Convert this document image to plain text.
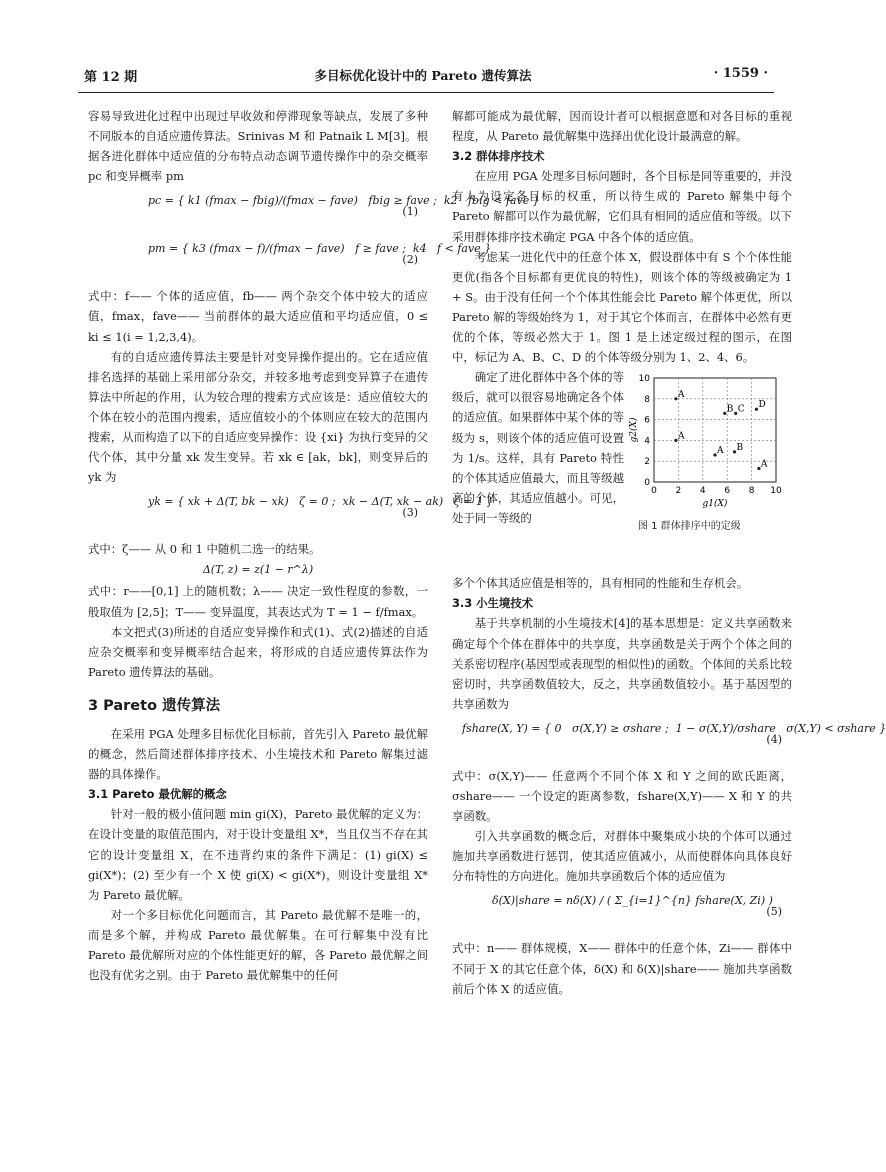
第 12 期	多目标优化设计中的 Pareto 遗传算法	· 1559 ·

容易导致进化过程中出现过早收敛和停滞现象等缺点，发展了多种不同版本的自适应遗传算法。Srinivas M 和 Patnaik L M[3]。根据各进化群体中适应值的分布特点动态调节遗传操作中的杂交概率 pc 和变异概率 pm

pc = { k1 (fmax − fbig)/(fmax − fave)   fbig ≥ fave ;  k2   fbig < fave }
(1)
pm = { k3 (fmax − f)/(fmax − fave)   f ≥ fave ;  k4   f < fave }
(2)

式中：f—— 个体的适应值，fb—— 两个杂交个体中较大的适应值，fmax，fave—— 当前群体的最大适应值和平均适应值，0 ≤ ki ≤ 1(i = 1,2,3,4)。

有的自适应遗传算法主要是针对变异操作提出的。它在适应值排名选择的基础上采用部分杂交，并较多地考虑到变异算子在遗传算法中所起的作用，认为较合理的搜索方式应该是：适应值较大的个体在较小的范围内搜索，适应值较小的个体则应在较大的范围内搜索，从而构造了以下的自适应变异操作：设 {xi} 为执行变异的父代个体，其中分量 xk 发生变异。若 xk ∈ [ak，bk]，则变异后的 yk 为

yk = { xk + Δ(T, bk − xk)   ζ = 0 ;  xk − Δ(T, xk − ak)   ζ = 1 }
(3)

式中：ζ—— 从 0 和 1 中随机二选一的结果。

Δ(T, z) = z(1 − r^λ)

式中：r——[0,1] 上的随机数；λ—— 决定一致性程度的参数，一般取值为 [2,5]；T—— 变异温度，其表达式为 T = 1 − f/fmax。

本文把式(3)所述的自适应变异操作和式(1)、式(2)描述的自适应杂交概率和变异概率结合起来，将形成的自适应遗传算法作为 Pareto 遗传算法的基础。

3 Pareto 遗传算法

在采用 PGA 处理多目标优化目标前，首先引入 Pareto 最优解的概念，然后简述群体排序技术、小生境技术和 Pareto 解集过滤器的具体操作。

3.1 Pareto 最优解的概念

针对一般的极小值问题 min gi(X)，Pareto 最优解的定义为：在设计变量的取值范围内，对于设计变量组 X*，当且仅当不存在其它的设计变量组 X，在不违背约束的条件下满足：(1) gi(X) ≤ gi(X*)；(2) 至少有一个 X 使 gi(X) < gi(X*)，则设计变量组 X* 为 Pareto 最优解。

对一个多目标优化问题而言，其 Pareto 最优解不是唯一的，而是多个解，并构成 Pareto 最优解集。在可行解集中没有比 Pareto 最优解所对应的个体性能更好的解，各 Pareto 最优解之间也没有优劣之别。由于 Pareto 最优解集中的任何

解都可能成为最优解，因而设计者可以根据意愿和对各目标的重视程度，从 Pareto 最优解集中选择出优化设计最满意的解。

3.2 群体排序技术

在应用 PGA 处理多目标问题时，各个目标是同等重要的，并没有人为设定各目标的权重，所以待生成的 Pareto 解集中每个 Pareto 解都可以作为最优解，它们具有相同的适应值和等级。以下采用群体排序技术确定 PGA 中各个体的适应值。

考虑某一进化代中的任意个体 X，假设群体中有 S 个个体性能更优(指各个目标都有更优良的特性)，则该个体的等级被确定为 1 + S。由于没有任何一个个体其性能会比 Pareto 解个体更优，所以 Pareto 解的等级始终为 1，对于其它个体而言，在群体中必然有更优的个体，等级必然大于 1。图 1 是上述定级过程的图示，在图中，标记为 A、B、C、D 的个体等级分别为 1、2、4、6。

确定了进化群体中各个体的等级后，就可以很容易地确定各个体的适应值。如果群体中某个体的等级为 s，则该个体的适应值可设置为 1/s。这样，具有 Pareto 特性的个体其适应值最大，而且等级越高的个体，其适应值越小。可见，处于同一等级的

0
2
4
6
8
10
0 2 4 6 8 10
g1(X)
g2(X)
A
A
A
A
B
B
C D
图 1 群体排序中的定级

多个个体其适应值是相等的，具有相同的性能和生存机会。

3.3 小生境技术

基于共享机制的小生境技术[4]的基本思想是：定义共享函数来确定每个个体在群体中的共享度，共享函数是关于两个个体之间的关系密切程序(基因型或表现型的相似性)的函数。个体间的关系比较密切时，共享函数值较大，反之，共享函数值较小。基于基因型的共享函数为

fshare(X, Y) = { 0   σ(X,Y) ≥ σshare ;  1 − σ(X,Y)/σshare   σ(X,Y) < σshare }
(4)

式中：σ(X,Y)—— 任意两个不同个体 X 和 Y 之间的欧氏距离，σshare—— 一个设定的距离参数，fshare(X,Y)—— X 和 Y 的共享函数。

引入共享函数的概念后，对群体中聚集成小块的个体可以通过施加共享函数进行惩罚，使其适应值减小，从而使群体向具体良好分布特性的方向进化。施加共享函数后个体的适应值为

δ(X)|share = nδ(X) / ( Σ_{i=1}^{n} fshare(X, Zi) )
(5)

式中：n—— 群体规模，X—— 群体中的任意个体，Zi—— 群体中不同于 X 的其它任意个体，δ(X) 和 δ(X)|share—— 施加共享函数前后个体 X 的适应值。
